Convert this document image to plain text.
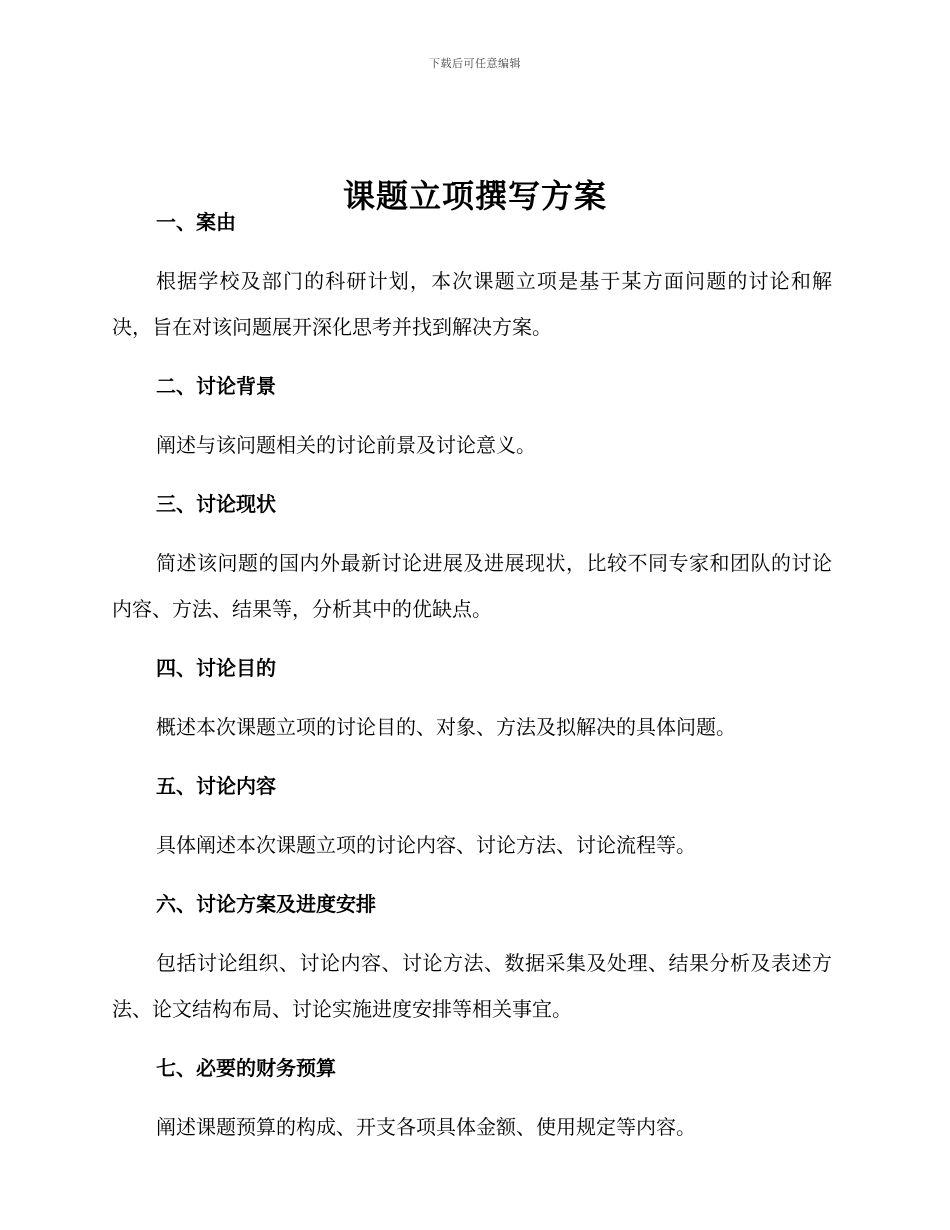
下载后可任意编辑
课题立项撰写方案
一、案由

根据学校及部门的科研计划，本次课题立项是基于某方面问题的讨论和解决，旨在对该问题展开深化思考并找到解决方案。

二、讨论背景

阐述与该问题相关的讨论前景及讨论意义。

三、讨论现状

简述该问题的国内外最新讨论进展及进展现状，比较不同专家和团队的讨论内容、方法、结果等，分析其中的优缺点。

四、讨论目的

概述本次课题立项的讨论目的、对象、方法及拟解决的具体问题。

五、讨论内容

具体阐述本次课题立项的讨论内容、讨论方法、讨论流程等。

六、讨论方案及进度安排

包括讨论组织、讨论内容、讨论方法、数据采集及处理、结果分析及表述方法、论文结构布局、讨论实施进度安排等相关事宜。

七、必要的财务预算

阐述课题预算的构成、开支各项具体金额、使用规定等内容。
